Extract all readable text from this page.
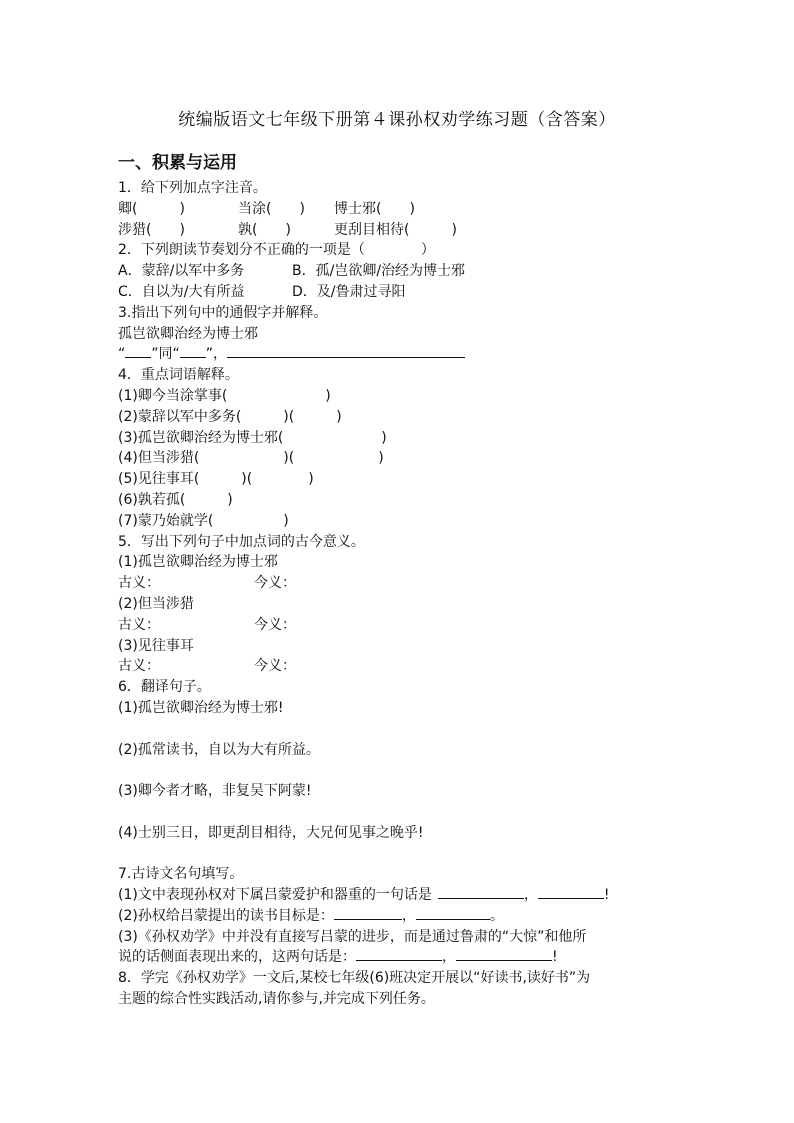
统编版语文七年级下册第４课孙权劝学练习题（含答案）
一、积累与运用
1．给下列加点字注音。
卿(　　　)	当涂(　　) 博士邪(　　)
涉猎(　　)	孰(　　)	更刮目相待(　　　)
2．下列朗读节奏划分不正确的一项是（　　　　）
A．蒙辞/以军中多务	B．孤/岂欲卿/治经为博士邪
C．自以为/大有所益	D．及/鲁肃过寻阳
3.指出下列句中的通假字并解释。
孤岂欲卿治经为博士邪
“ ”同“ ”，
4．重点词语解释。
(1)卿今当涂掌事(　　　　　　　)
(2)蒙辞以军中多务(　　　)(　　　)
(3)孤岂欲卿治经为博士邪(　　　　　　　)
(4)但当涉猎(　　　　　　)(　　　　　　)
(5)见往事耳(　　　)(　　　　)
(6)孰若孤(　　　)
(7)蒙乃始就学(　　　　　)
5．写出下列句子中加点词的古今意义。
(1)孤岂欲卿治经为博士邪
古义：	今义：
(2)但当涉猎
古义：	今义：
(3)见往事耳
古义：	今义：
6．翻译句子。
(1)孤岂欲卿治经为博士邪!
(2)孤常读书，自以为大有所益。
(3)卿今者才略，非复吴下阿蒙!
(4)士别三日，即更刮目相待，大兄何见事之晚乎!
7.古诗文名句填写。
(1)文中表现孙权对下属吕蒙爱护和器重的一句话是	，	!
(2)孙权给吕蒙提出的读书目标是：	，	。
(3)《孙权劝学》中并没有直接写吕蒙的进步，而是通过鲁肃的“大惊”和他所
说的话侧面表现出来的，这两句话是：	，	!
8．学完《孙权劝学》一文后,某校七年级(6)班决定开展以“好读书,读好书”为
主题的综合性实践活动,请你参与,并完成下列任务。
